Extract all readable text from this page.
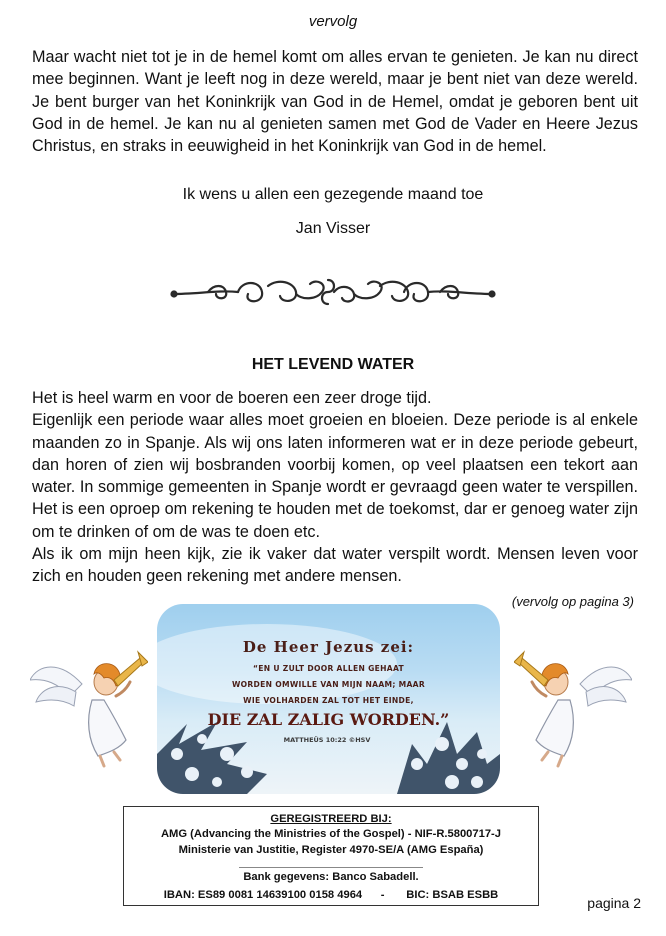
vervolg

Maar wacht niet tot je in de hemel komt om alles ervan te genieten. Je kan nu direct mee beginnen. Want je leeft nog in deze wereld, maar je bent niet van deze wereld. Je bent burger van het Koninkrijk van God in de Hemel, omdat je geboren bent uit God in de hemel. Je kan nu al genieten samen met God de Vader en Heere Jezus Christus, en straks in eeuwigheid in het Koninkrijk van God in de hemel.

Ik wens u allen een gezegende maand toe
Jan Visser
HET LEVEND WATER
Het is heel warm en voor de boeren een zeer droge tijd.
Eigenlijk een periode waar alles moet groeien en bloeien. Deze periode is al enkele maanden zo in Spanje. Als wij ons laten informeren wat er in deze periode gebeurt, dan horen of zien wij bosbranden voorbij komen, op veel plaatsen een tekort aan water. In sommige gemeenten in Spanje wordt er gevraagd geen water te verspillen. Het is een oproep om rekening te houden met de toekomst, dar er genoeg water zijn om te drinken of om de was te doen etc.
Als ik om mijn heen kijk, zie ik vaker dat water verspilt wordt. Mensen leven voor zich en houden geen rekening met andere mensen.
(vervolg op pagina 3)
De Heer Jezus zei:
“EN U ZULT DOOR ALLEN GEHAAT
WORDEN OMWILLE VAN MIJN NAAM; MAAR
WIE VOLHARDEN ZAL TOT HET EINDE,
DIE ZAL ZALIG WORDEN.”
MATTHEÜS 10:22 ©HSV
GEREGISTREERD BIJ:
AMG (Advancing the Ministries of the Gospel) - NIF-R.5800717-J
Ministerie van Justitie, Register 4970-SE/A (AMG España)
Bank gegevens: Banco Sabadell.
IBAN: ES89 0081 14639100 0158 4964      -       BIC: BSAB ESBB	pagina 2
